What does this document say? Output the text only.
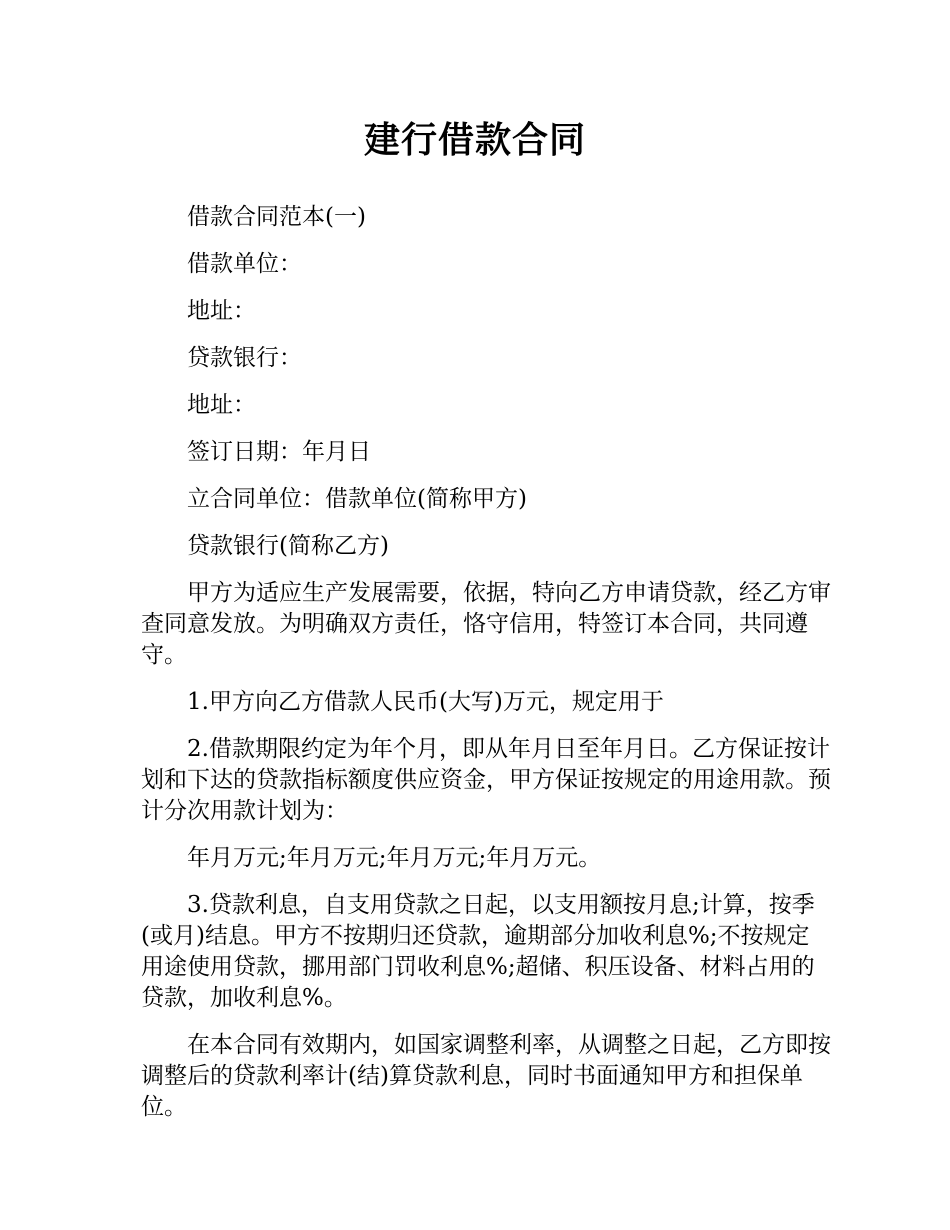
建行借款合同

借款合同范本(一)

借款单位：

地址：

贷款银行：

地址：

签订日期：年月日

立合同单位：借款单位(简称甲方)

贷款银行(简称乙方)

甲方为适应生产发展需要，依据，特向乙方申请贷款，经乙方审查同意发放。为明确双方责任，恪守信用，特签订本合同，共同遵守。

1.甲方向乙方借款人民币(大写)万元，规定用于

2.借款期限约定为年个月，即从年月日至年月日。乙方保证按计划和下达的贷款指标额度供应资金，甲方保证按规定的用途用款。预计分次用款计划为：

年月万元;年月万元;年月万元;年月万元。

3.贷款利息，自支用贷款之日起，以支用额按月息;计算，按季(或月)结息。甲方不按期归还贷款，逾期部分加收利息%;不按规定用途使用贷款，挪用部门罚收利息%;超储、积压设备、材料占用的贷款，加收利息%。

在本合同有效期内，如国家调整利率，从调整之日起，乙方即按调整后的贷款利率计(结)算贷款利息，同时书面通知甲方和担保单位。
